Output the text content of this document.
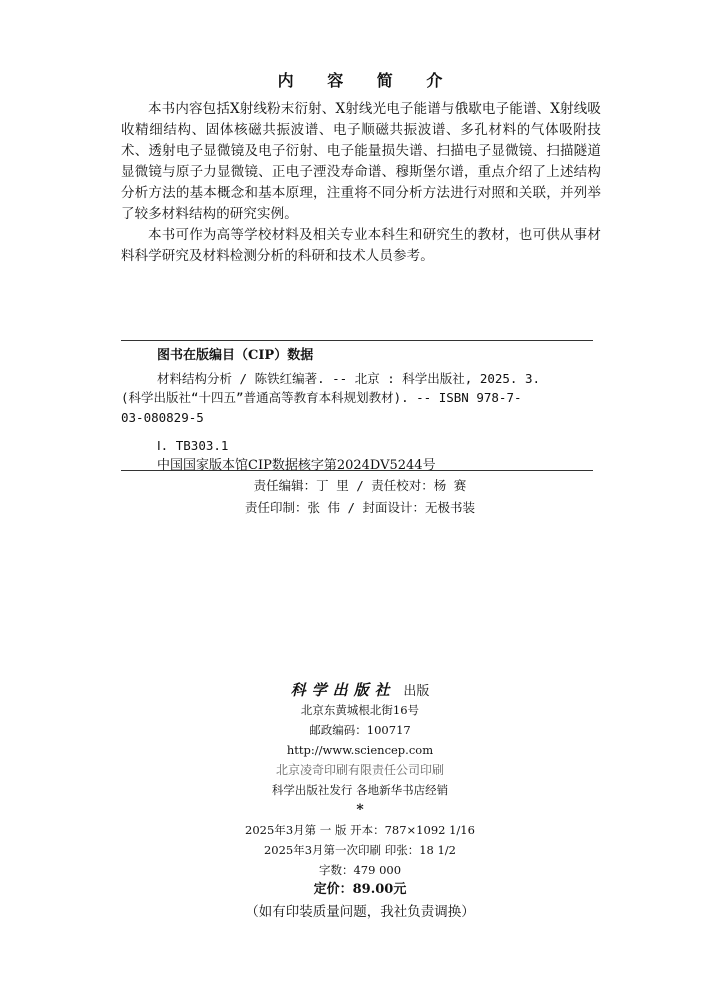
内 容 简 介

本书内容包括X射线粉末衍射、X射线光电子能谱与俄歇电子能谱、X射线吸收精细结构、固体核磁共振波谱、电子顺磁共振波谱、多孔材料的气体吸附技术、透射电子显微镜及电子衍射、电子能量损失谱、扫描电子显微镜、扫描隧道显微镜与原子力显微镜、正电子湮没寿命谱、穆斯堡尔谱，重点介绍了上述结构分析方法的基本概念和基本原理，注重将不同分析方法进行对照和关联，并列举了较多材料结构的研究实例。

本书可作为高等学校材料及相关专业本科生和研究生的教材，也可供从事材料科学研究及材料检测分析的科研和技术人员参考。

图书在版编目（CIP）数据
材料结构分析 / 陈铁红编著. -- 北京 : 科学出版社, 2025. 3.
(科学出版社“十四五”普通高等教育本科规划教材). -- ISBN 978-7-
03-080829-5
Ⅰ. TB303.1
中国国家版本馆CIP数据核字第2024DV5244号
责任编辑：丁 里 / 责任校对：杨 赛
责任印制：张 伟 / 封面设计：无极书装
科学出版社 出版
北京东黄城根北街16号
邮政编码：100717
http://www.sciencep.com
北京凌奇印刷有限责任公司印刷
科学出版社发行 各地新华书店经销
*
2025年3月第 一 版 开本：787×1092 1/16
2025年3月第一次印刷 印张：18 1/2
字数：479 000
定价：89.00元
（如有印装质量问题，我社负责调换）
